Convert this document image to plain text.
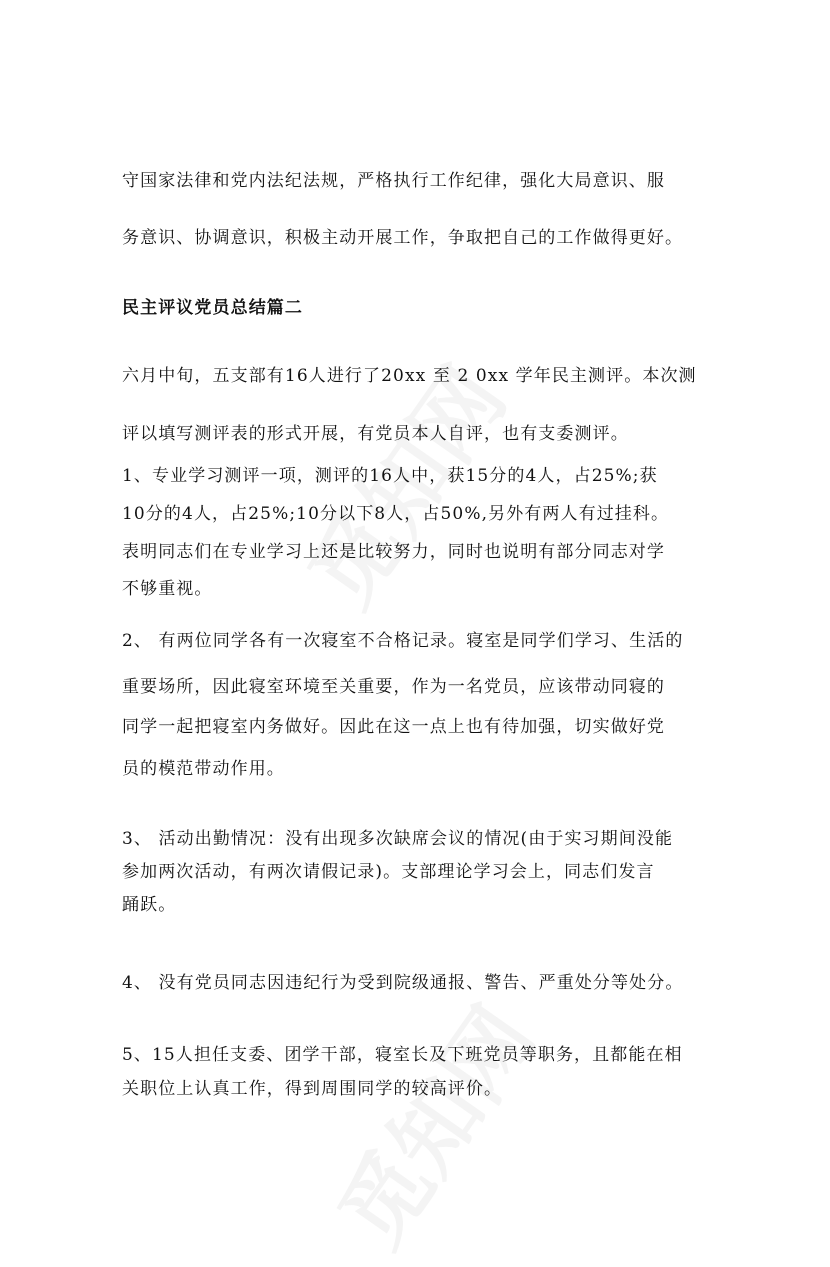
守国家法律和党内法纪法规，严格执行工作纪律，强化大局意识、服

务意识、协调意识，积极主动开展工作，争取把自己的工作做得更好。

民主评议党员总结篇二

六月中旬，五支部有16人进行了20xx 至 2 0xx 学年民主测评。本次测

评以填写测评表的形式开展，有党员本人自评，也有支委测评。

1、专业学习测评一项，测评的16人中，获15分的4人，占25%;获

10分的4人，占25%;10分以下8人，占50%,另外有两人有过挂科。

表明同志们在专业学习上还是比较努力，同时也说明有部分同志对学

不够重视。

2、 有两位同学各有一次寝室不合格记录。寝室是同学们学习、生活的

重要场所，因此寝室环境至关重要，作为一名党员，应该带动同寝的

同学一起把寝室内务做好。因此在这一点上也有待加强，切实做好党

员的模范带动作用。

3、 活动出勤情况：没有出现多次缺席会议的情况(由于实习期间没能

参加两次活动，有两次请假记录)。支部理论学习会上，同志们发言

踊跃。

4、 没有党员同志因违纪行为受到院级通报、警告、严重处分等处分。

5、15人担任支委、团学干部，寝室长及下班党员等职务，且都能在相

关职位上认真工作，得到周围同学的较高评价。
